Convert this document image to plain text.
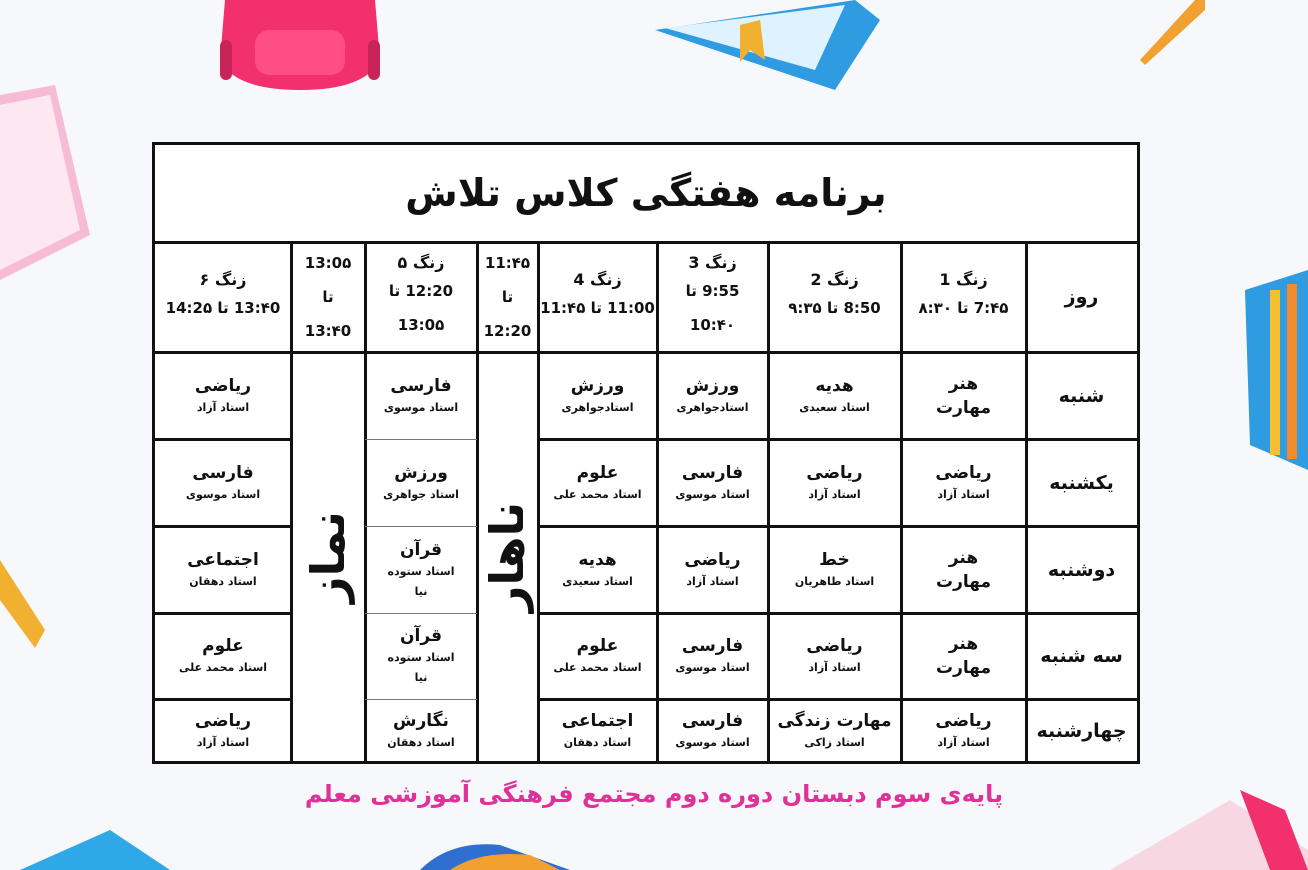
برنامه هفتگی کلاس تلاش
روز
زنگ 1
7:۴۵ تا ۸:۳۰
زنگ 2
8:50 تا ۹:۳۵
زنگ 3
9:55 تا
10:۴۰
زنگ 4
11:00 تا 11:۴۵
11:۴۵
تا
12:20
زنگ ۵
12:20 تا
13:0۵
13:0۵
تا
13:۴0
زنگ ۶
13:۴0 تا 14:2۵
ناهار
نماز
شنبه
هنر
مهارت
هدیه
استاد سعیدی
ورزش
استادجواهری
ورزش
استادجواهری
فارسی
استاد موسوی
ریاضی
استاد آزاد
یکشنبه
ریاضی
استاد آزاد
ریاضی
استاد آزاد
فارسی
استاد موسوی
علوم
استاد محمد علی
ورزش
استاد جواهری
فارسی
استاد موسوی
دوشنبه
هنر
مهارت
خط
استاد طاهریان
ریاضی
استاد آزاد
هدیه
استاد سعیدی
قرآن
استاد ستوده
نیا
اجتماعی
استاد دهقان
سه شنبه
هنر
مهارت
ریاضی
استاد آزاد
فارسی
استاد موسوی
علوم
استاد محمد علی
قرآن
استاد ستوده
نیا
علوم
استاد محمد علی
چهارشنبه
ریاضی
استاد آزاد
مهارت زندگی
استاد زاکی
فارسی
استاد موسوی
اجتماعی
استاد دهقان
نگارش
استاد دهقان
ریاضی
استاد آزاد
پایه‌ی سوم دبستان دوره دوم مجتمع فرهنگی آموزشی معلم
